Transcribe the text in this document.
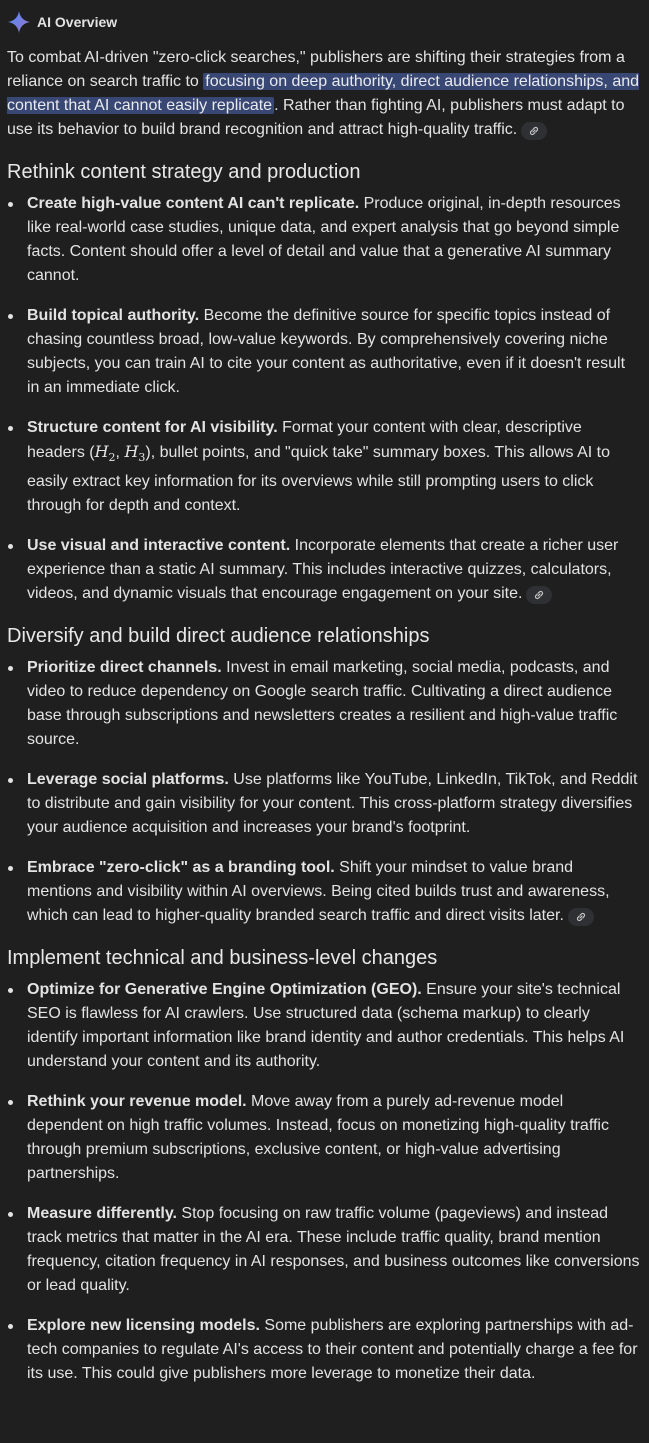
AI Overview

To combat AI-driven "zero-click searches," publishers are shifting their strategies from a reliance on search traffic to focusing on deep authority, direct audience relationships, and content that AI cannot easily replicate . Rather than fighting AI, publishers must adapt to use its behavior to build brand recognition and attract high-quality traffic.

Rethink content strategy and production
Create high-value content AI can't replicate. Produce original, in-depth resources like real-world case studies, unique data, and expert analysis that go beyond simple facts. Content should offer a level of detail and value that a generative AI summary cannot.
Build topical authority. Become the definitive source for specific topics instead of chasing countless broad, low-value keywords. By comprehensively covering niche subjects, you can train AI to cite your content as authoritative, even if it doesn't result in an immediate click.
Structure content for AI visibility. Format your content with clear, descriptive headers ($H_2$, $H_3$), bullet points, and "quick take" summary boxes. This allows AI to easily extract key information for its overviews while still prompting users to click through for depth and context.
Use visual and interactive content. Incorporate elements that create a richer user experience than a static AI summary. This includes interactive quizzes, calculators, videos, and dynamic visuals that encourage engagement on your site.
Diversify and build direct audience relationships
Prioritize direct channels. Invest in email marketing, social media, podcasts, and video to reduce dependency on Google search traffic. Cultivating a direct audience base through subscriptions and newsletters creates a resilient and high-value traffic source.
Leverage social platforms. Use platforms like YouTube, LinkedIn, TikTok, and Reddit to distribute and gain visibility for your content. This cross-platform strategy diversifies your audience acquisition and increases your brand's footprint.
Embrace "zero-click" as a branding tool. Shift your mindset to value brand mentions and visibility within AI overviews. Being cited builds trust and awareness, which can lead to higher-quality branded search traffic and direct visits later.
Implement technical and business-level changes
Optimize for Generative Engine Optimization (GEO). Ensure your site's technical SEO is flawless for AI crawlers. Use structured data (schema markup) to clearly identify important information like brand identity and author credentials. This helps AI understand your content and its authority.
Rethink your revenue model. Move away from a purely ad-revenue model dependent on high traffic volumes. Instead, focus on monetizing high-quality traffic through premium subscriptions, exclusive content, or high-value advertising partnerships.
Measure differently. Stop focusing on raw traffic volume (pageviews) and instead track metrics that matter in the AI era. These include traffic quality, brand mention frequency, citation frequency in AI responses, and business outcomes like conversions or lead quality.
Explore new licensing models. Some publishers are exploring partnerships with ad-tech companies to regulate AI's access to their content and potentially charge a fee for its use. This could give publishers more leverage to monetize their data.
